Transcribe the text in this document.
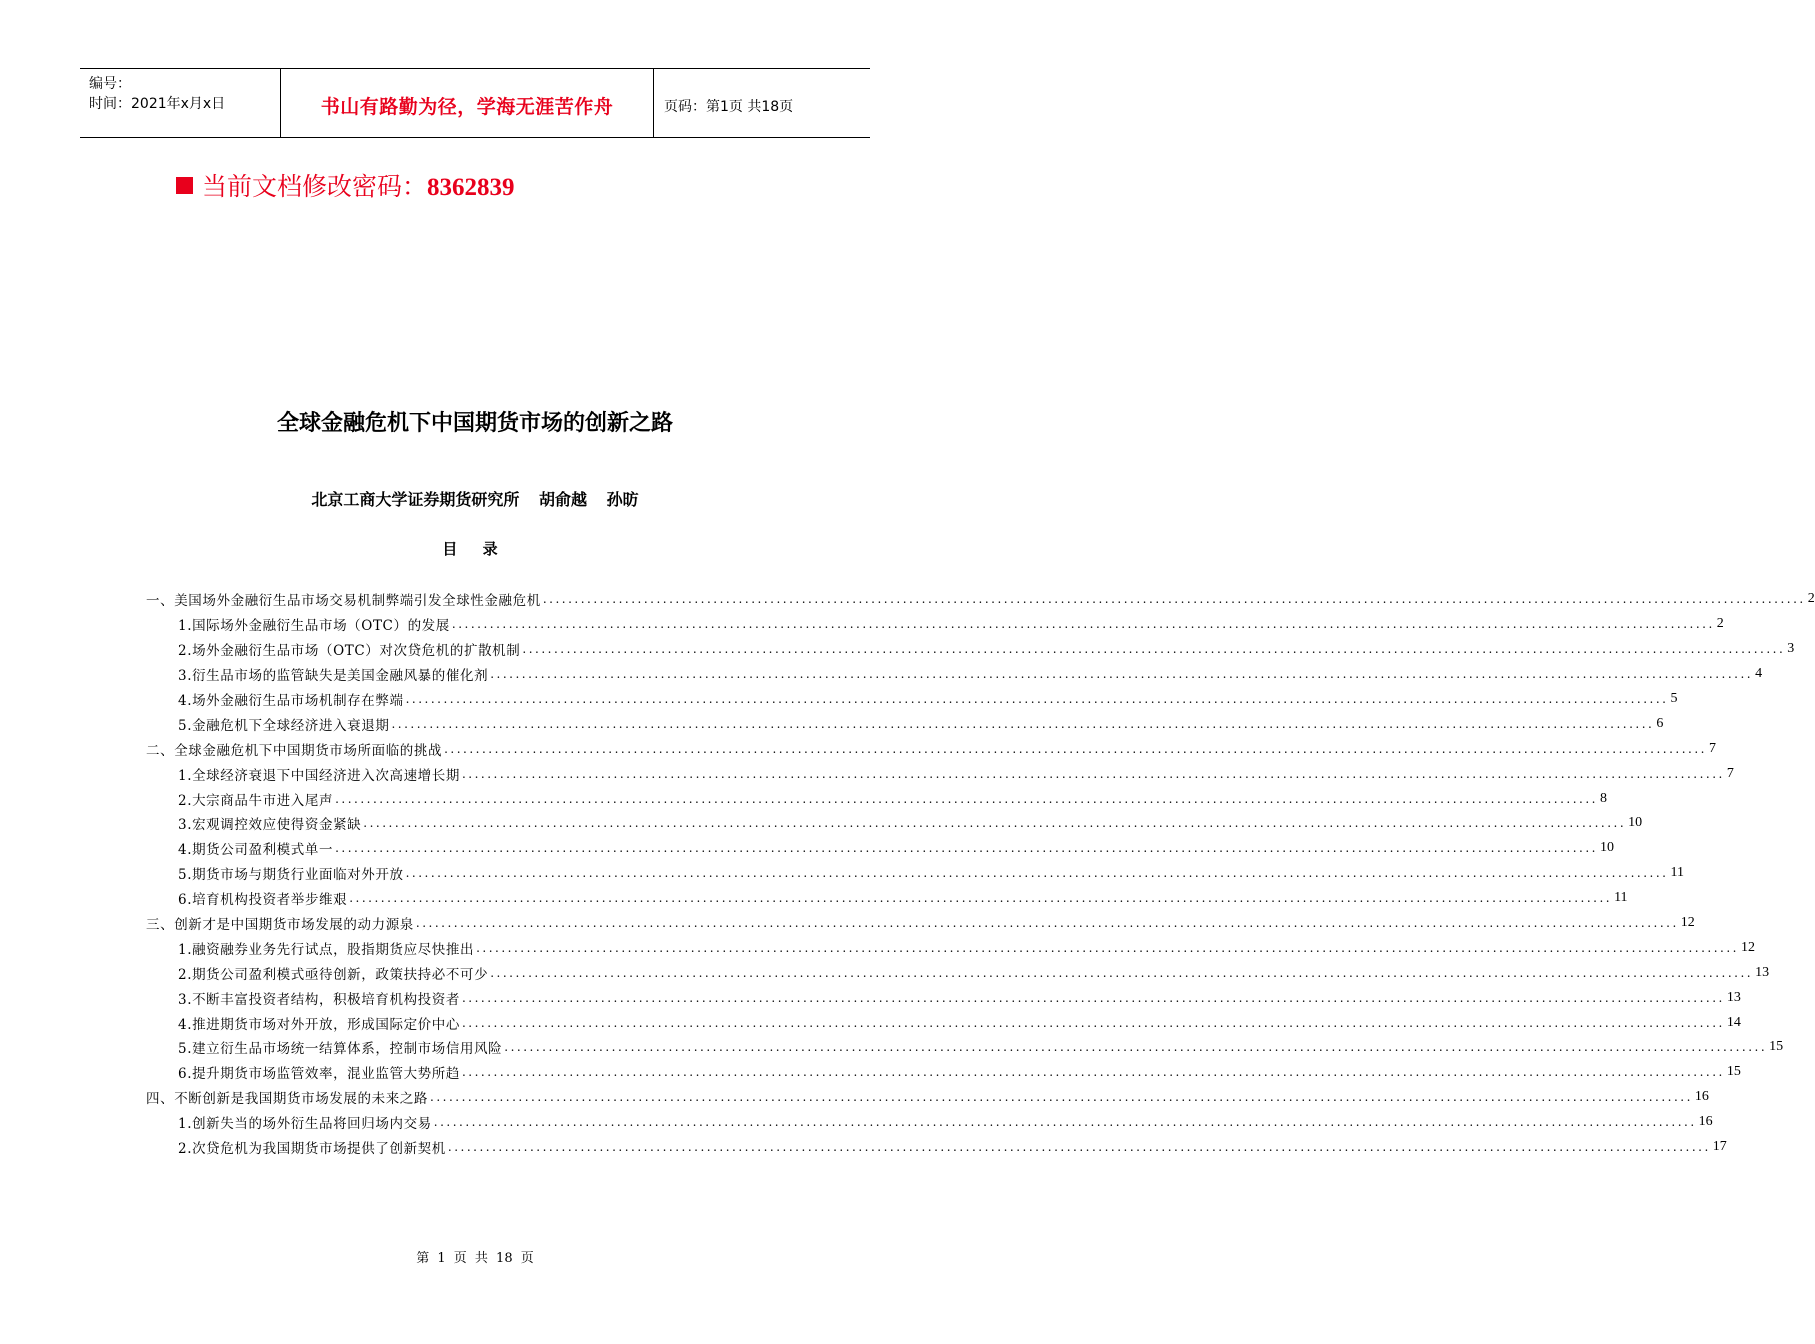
编号：
时间：2021年x月x日	书山有路勤为径，学海无涯苦作舟	页码：第1页 共18页
当前文档修改密码：8362839
全球金融危机下中国期货市场的创新之路
北京工商大学证券期货研究所 胡俞越 孙昉
目 录
一、美国场外金融衍生品市场交易机制弊端引发全球性金融危机 ........................................................................................................................................................................................................ 2
1.国际场外金融衍生品市场（OTC）的发展 ........................................................................................................................................................................................................ 2
2.场外金融衍生品市场（OTC）对次贷危机的扩散机制 ........................................................................................................................................................................................................ 3
3.衍生品市场的监管缺失是美国金融风暴的催化剂 ........................................................................................................................................................................................................ 4
4.场外金融衍生品市场机制存在弊端 ........................................................................................................................................................................................................ 5
5.金融危机下全球经济进入衰退期 ........................................................................................................................................................................................................ 6
二、全球金融危机下中国期货市场所面临的挑战 ........................................................................................................................................................................................................ 7
1.全球经济衰退下中国经济进入次高速增长期 ........................................................................................................................................................................................................ 7
2.大宗商品牛市进入尾声 ........................................................................................................................................................................................................ 8
3.宏观调控效应使得资金紧缺 ........................................................................................................................................................................................................ 10
4.期货公司盈利模式单一 ........................................................................................................................................................................................................ 10
5.期货市场与期货行业面临对外开放 ........................................................................................................................................................................................................ 11
6.培育机构投资者举步维艰 ........................................................................................................................................................................................................ 11
三、创新才是中国期货市场发展的动力源泉 ........................................................................................................................................................................................................ 12
1.融资融券业务先行试点，股指期货应尽快推出 ........................................................................................................................................................................................................ 12
2.期货公司盈利模式亟待创新，政策扶持必不可少 ........................................................................................................................................................................................................ 13
3.不断丰富投资者结构，积极培育机构投资者 ........................................................................................................................................................................................................ 13
4.推进期货市场对外开放，形成国际定价中心 ........................................................................................................................................................................................................ 14
5.建立衍生品市场统一结算体系，控制市场信用风险 ........................................................................................................................................................................................................ 15
6.提升期货市场监管效率，混业监管大势所趋 ........................................................................................................................................................................................................ 15
四、不断创新是我国期货市场发展的未来之路 ........................................................................................................................................................................................................ 16
1.创新失当的场外衍生品将回归场内交易 ........................................................................................................................................................................................................ 16
2.次贷危机为我国期货市场提供了创新契机 ........................................................................................................................................................................................................ 17
第 1 页 共 18 页
